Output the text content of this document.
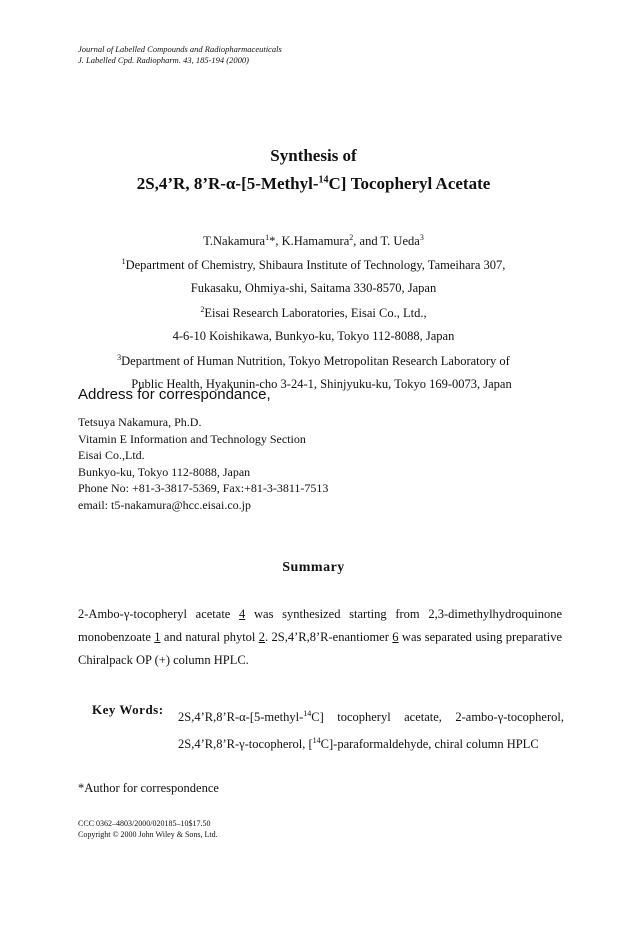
Journal of Labelled Compounds and Radiopharmaceuticals
J. Labelled Cpd. Radiopharm. 43, 185-194 (2000)
Synthesis of
2S,4’R, 8’R-α-[5-Methyl-$^{14}$C] Tocopheryl Acetate
T.Nakamura$^1$*, K.Hamamura$^2$, and T. Ueda$^3$
$^1$Department of Chemistry, Shibaura Institute of Technology, Tameihara 307,
Fukasaku, Ohmiya-shi, Saitama 330-8570, Japan
$^2$Eisai Research Laboratories, Eisai Co., Ltd.,
4-6-10 Koishikawa, Bunkyo-ku, Tokyo 112-8088, Japan
$^3$Department of Human Nutrition, Tokyo Metropolitan Research Laboratory of
Public Health, Hyakunin-cho 3-24-1, Shinjyuku-ku, Tokyo 169-0073, Japan
Address for correspondance,
Tetsuya Nakamura, Ph.D.
Vitamin E Information and Technology Section
Eisai Co.,Ltd.
Bunkyo-ku, Tokyo 112-8088, Japan
Phone No: +81-3-3817-5369, Fax:+81-3-3811-7513
email: t5-nakamura@hcc.eisai.co.jp
Summary

2-Ambo-γ-tocopheryl acetate 4 was synthesized starting from 2,3-dimethylhydroquinone monobenzoate 1 and natural phytol 2. 2S,4’R,8’R-enantiomer 6 was separated using preparative Chiralpack OP (+) column HPLC.

Key Words:
2S,4’R,8’R-α-[5-methyl-$^{14}$C] tocopheryl acetate, 2-ambo-γ-tocopherol, 2S,4’R,8’R-γ-tocopherol, [$^{14}$C]-paraformaldehyde, chiral column HPLC
*Author for correspondence
CCC 0362–4803/2000/020185–10$17.50
Copyright © 2000 John Wiley & Sons, Ltd.
